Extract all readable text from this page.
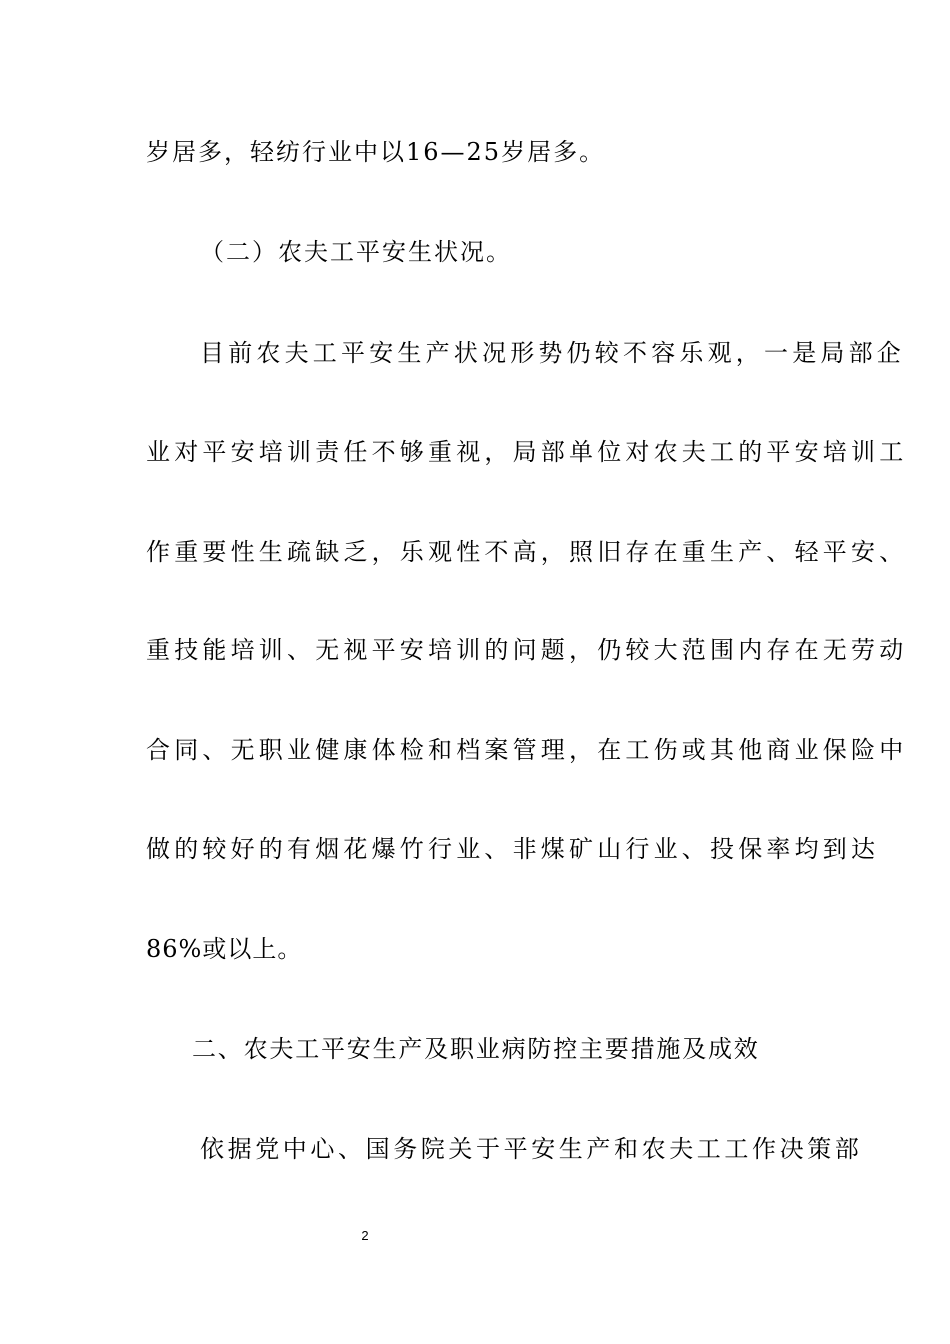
岁居多，轻纺行业中以16—25岁居多。

（二）农夫工平安生状况。

目前农夫工平安生产状况形势仍较不容乐观，一是局部企

业对平安培训责任不够重视，局部单位对农夫工的平安培训工

作重要性生疏缺乏，乐观性不高，照旧存在重生产、轻平安、

重技能培训、无视平安培训的问题，仍较大范围内存在无劳动

合同、无职业健康体检和档案管理，在工伤或其他商业保险中

做的较好的有烟花爆竹行业、非煤矿山行业、投保率均到达

86%或以上。

二、农夫工平安生产及职业病防控主要措施及成效

依据党中心、国务院关于平安生产和农夫工工作决策部

2
